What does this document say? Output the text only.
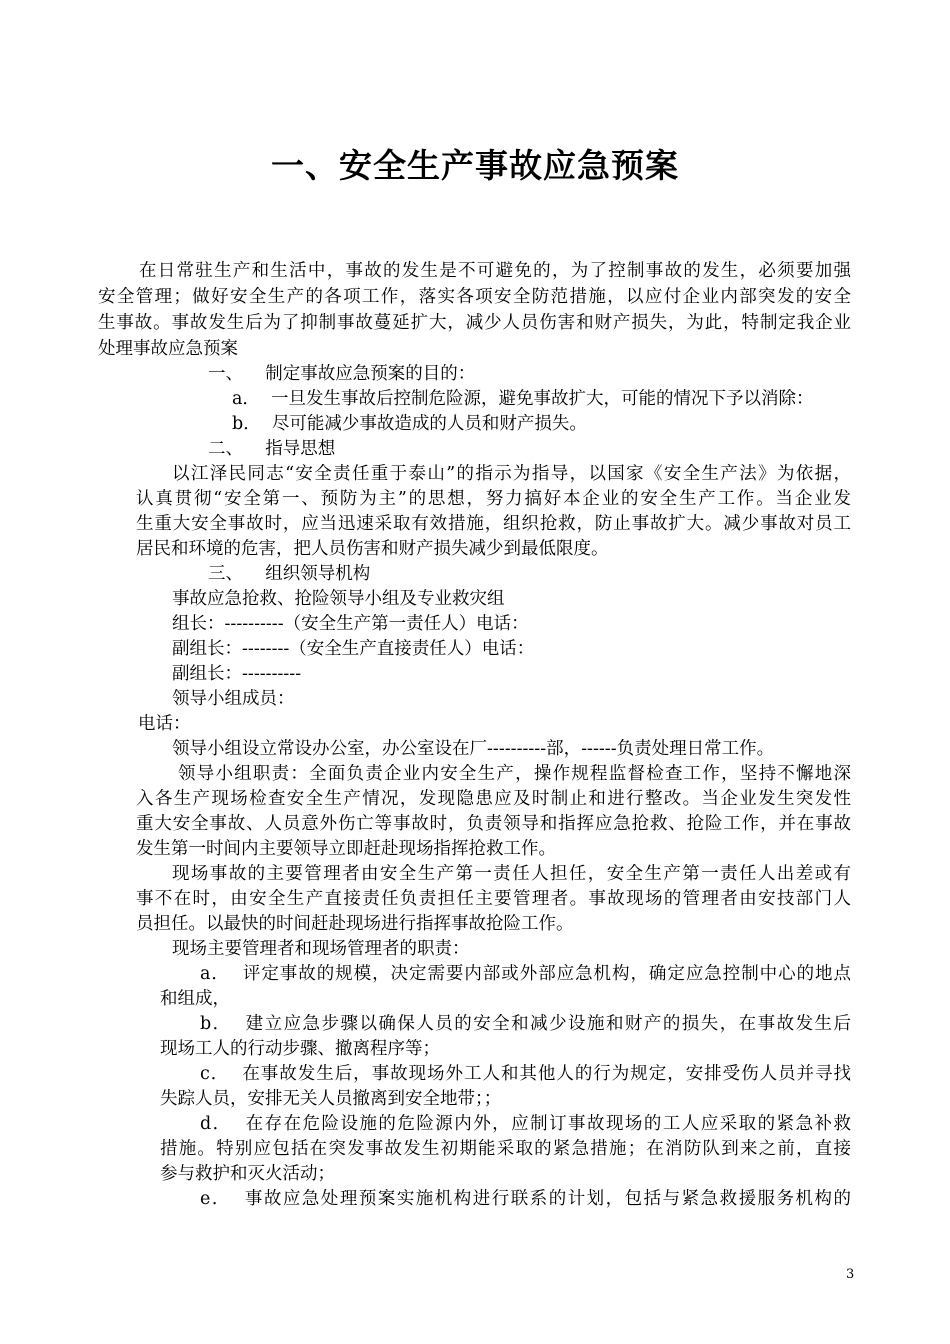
一、安全生产事故应急预案
在日常驻生产和生活中，事故的发生是不可避免的，为了控制事故的发生，必须要加强
安全管理；做好安全生产的各项工作，落实各项安全防范措施，以应付企业内部突发的安全
生事故。事故发生后为了抑制事故蔓延扩大，减少人员伤害和财产损失，为此，特制定我企业
处理事故应急预案
一、    制定事故应急预案的目的：
a．  一旦发生事故后控制危险源，避免事故扩大，可能的情况下予以消除：
b．  尽可能减少事故造成的人员和财产损失。
二、    指导思想
以江泽民同志“安全责任重于泰山”的指示为指导，以国家《安全生产法》为依据，
认真贯彻“安全第一、预防为主”的思想，努力搞好本企业的安全生产工作。当企业发
生重大安全事故时，应当迅速采取有效措施，组织抢救，防止事故扩大。减少事故对员工
居民和环境的危害，把人员伤害和财产损失减少到最低限度。
三、    组织领导机构
事故应急抢救、抢险领导小组及专业救灾组
组长：----------（安全生产第一责任人）电话：
副组长：--------（安全生产直接责任人）电话：
副组长：----------
领导小组成员：
电话：
领导小组设立常设办公室，办公室设在厂----------部，------负责处理日常工作。
领导小组职责：全面负责企业内安全生产，操作规程监督检查工作，坚持不懈地深
入各生产现场检查安全生产情况，发现隐患应及时制止和进行整改。当企业发生突发性
重大安全事故、人员意外伤亡等事故时，负责领导和指挥应急抢救、抢险工作，并在事故
发生第一时间内主要领导立即赶赴现场指挥抢救工作。
现场事故的主要管理者由安全生产第一责任人担任，安全生产第一责任人出差或有
事不在时，由安全生产直接责任负责担任主要管理者。事故现场的管理者由安技部门人
员担任。以最快的时间赶赴现场进行指挥事故抢险工作。
现场主要管理者和现场管理者的职责：
a．  评定事故的规模，决定需要内部或外部应急机构，确定应急控制中心的地点
和组成，
b．  建立应急步骤以确保人员的安全和减少设施和财产的损失，在事故发生后
现场工人的行动步骤、撤离程序等；
c．  在事故发生后，事故现场外工人和其他人的行为规定，安排受伤人员并寻找
失踪人员，安排无关人员撤离到安全地带；；
d．  在存在危险设施的危险源内外，应制订事故现场的工人应采取的紧急补救
措施。特别应包括在突发事故发生初期能采取的紧急措施；在消防队到来之前，直接
参与救护和灭火活动；
e．  事故应急处理预案实施机构进行联系的计划，包括与紧急救援服务机构的
3
